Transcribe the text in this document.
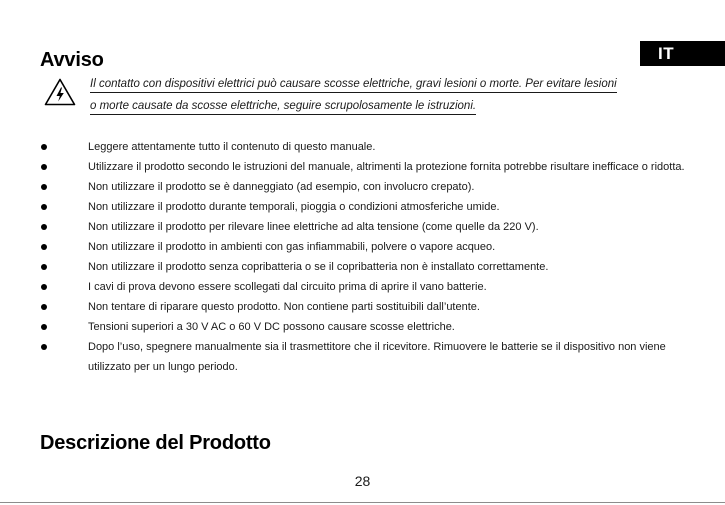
IT
Avviso
Il contatto con dispositivi elettrici può causare scosse elettriche, gravi lesioni o morte. Per evitare lesioni
o morte causate da scosse elettriche, seguire scrupolosamente le istruzioni.
Leggere attentamente tutto il contenuto di questo manuale.
Utilizzare il prodotto secondo le istruzioni del manuale, altrimenti la protezione fornita potrebbe risultare inefficace o ridotta.
Non utilizzare il prodotto se è danneggiato (ad esempio, con involucro crepato).
Non utilizzare il prodotto durante temporali, pioggia o condizioni atmosferiche umide.
Non utilizzare il prodotto per rilevare linee elettriche ad alta tensione (come quelle da 220 V).
Non utilizzare il prodotto in ambienti con gas infiammabili, polvere o vapore acqueo.
Non utilizzare il prodotto senza copribatteria o se il copribatteria non è installato correttamente.
I cavi di prova devono essere scollegati dal circuito prima di aprire il vano batterie.
Non tentare di riparare questo prodotto. Non contiene parti sostituibili dall’utente.
Tensioni superiori a 30 V AC o 60 V DC possono causare scosse elettriche.
Dopo l’uso, spegnere manualmente sia il trasmettitore che il ricevitore. Rimuovere le batterie se il dispositivo non viene utilizzato per un lungo periodo.
Descrizione del Prodotto
28
